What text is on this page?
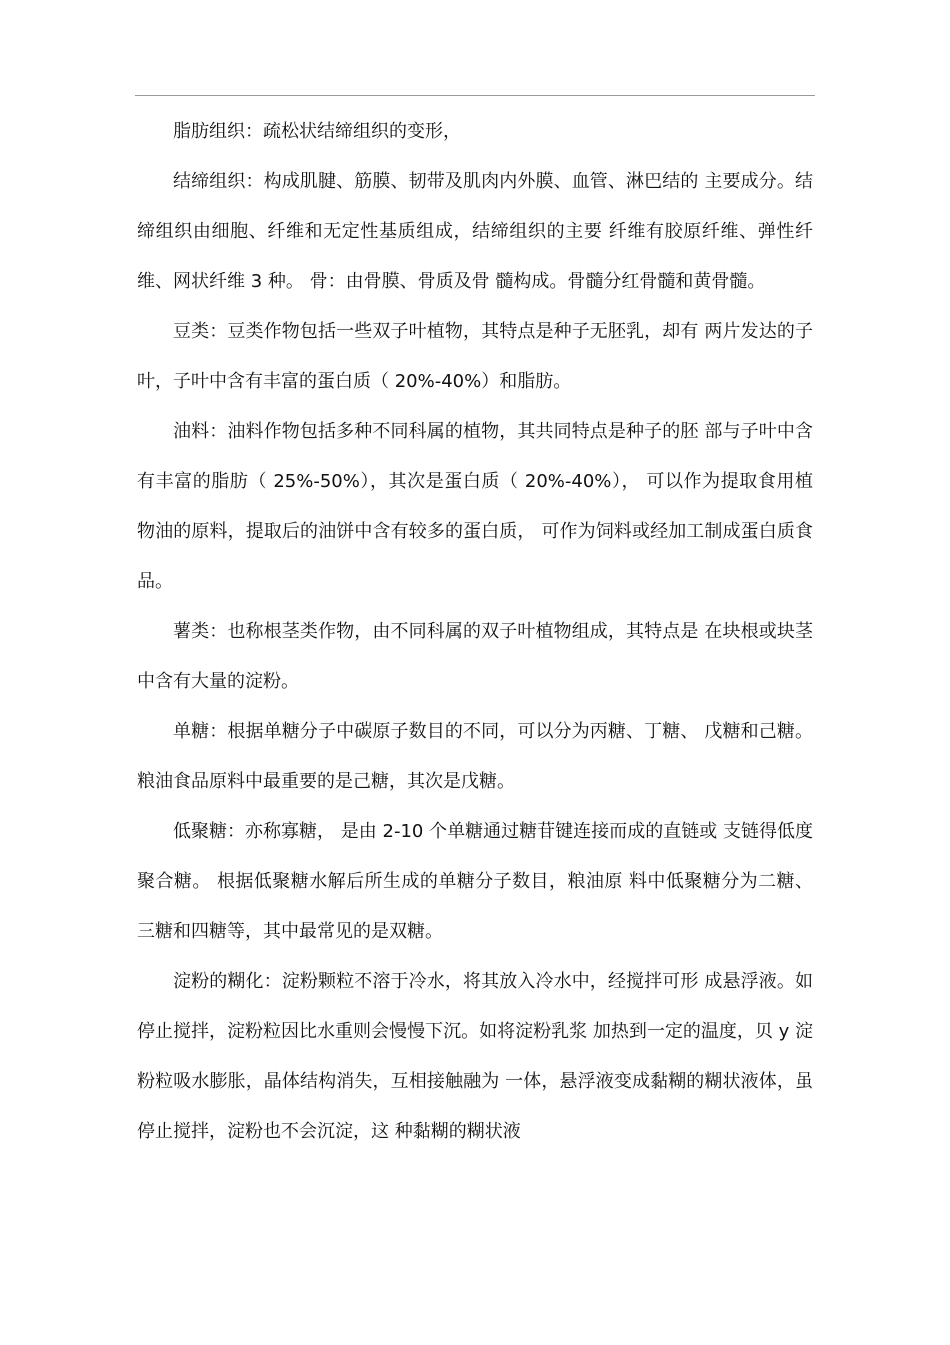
脂肪组织：疏松状结缔组织的变形，

结缔组织：构成肌腱、筋膜、韧带及肌肉内外膜、血管、淋巴结的 主要成分。结缔组织由细胞、纤维和无定性基质组成，结缔组织的主要 纤维有胶原纤维、弹性纤维、网状纤维 3 种。 骨：由骨膜、骨质及骨 髓构成。骨髓分红骨髓和黄骨髓。

豆类：豆类作物包括一些双子叶植物，其特点是种子无胚乳，却有 两片发达的子叶，子叶中含有丰富的蛋白质（ 20%-40%）和脂肪。

油料：油料作物包括多种不同科属的植物，其共同特点是种子的胚 部与子叶中含有丰富的脂肪（ 25%-50%），其次是蛋白质（ 20%-40%）， 可以作为提取食用植物油的原料，提取后的油饼中含有较多的蛋白质， 可作为饲料或经加工制成蛋白质食品。

薯类：也称根茎类作物，由不同科属的双子叶植物组成，其特点是 在块根或块茎中含有大量的淀粉。

单糖：根据单糖分子中碳原子数目的不同，可以分为丙糖、丁糖、 戊糖和己糖。粮油食品原料中最重要的是己糖，其次是戊糖。

低聚糖：亦称寡糖， 是由 2-10 个单糖通过糖苷键连接而成的直链或 支链得低度聚合糖。 根据低聚糖水解后所生成的单糖分子数目，粮油原 料中低聚糖分为二糖、三糖和四糖等，其中最常见的是双糖。

淀粉的糊化：淀粉颗粒不溶于冷水，将其放入冷水中，经搅拌可形 成悬浮液。如停止搅拌，淀粉粒因比水重则会慢慢下沉。如将淀粉乳浆 加热到一定的温度，贝 y 淀粉粒吸水膨胀，晶体结构消失，互相接触融为 一体，悬浮液变成黏糊的糊状液体，虽停止搅拌，淀粉也不会沉淀，这 种黏糊的糊状液
